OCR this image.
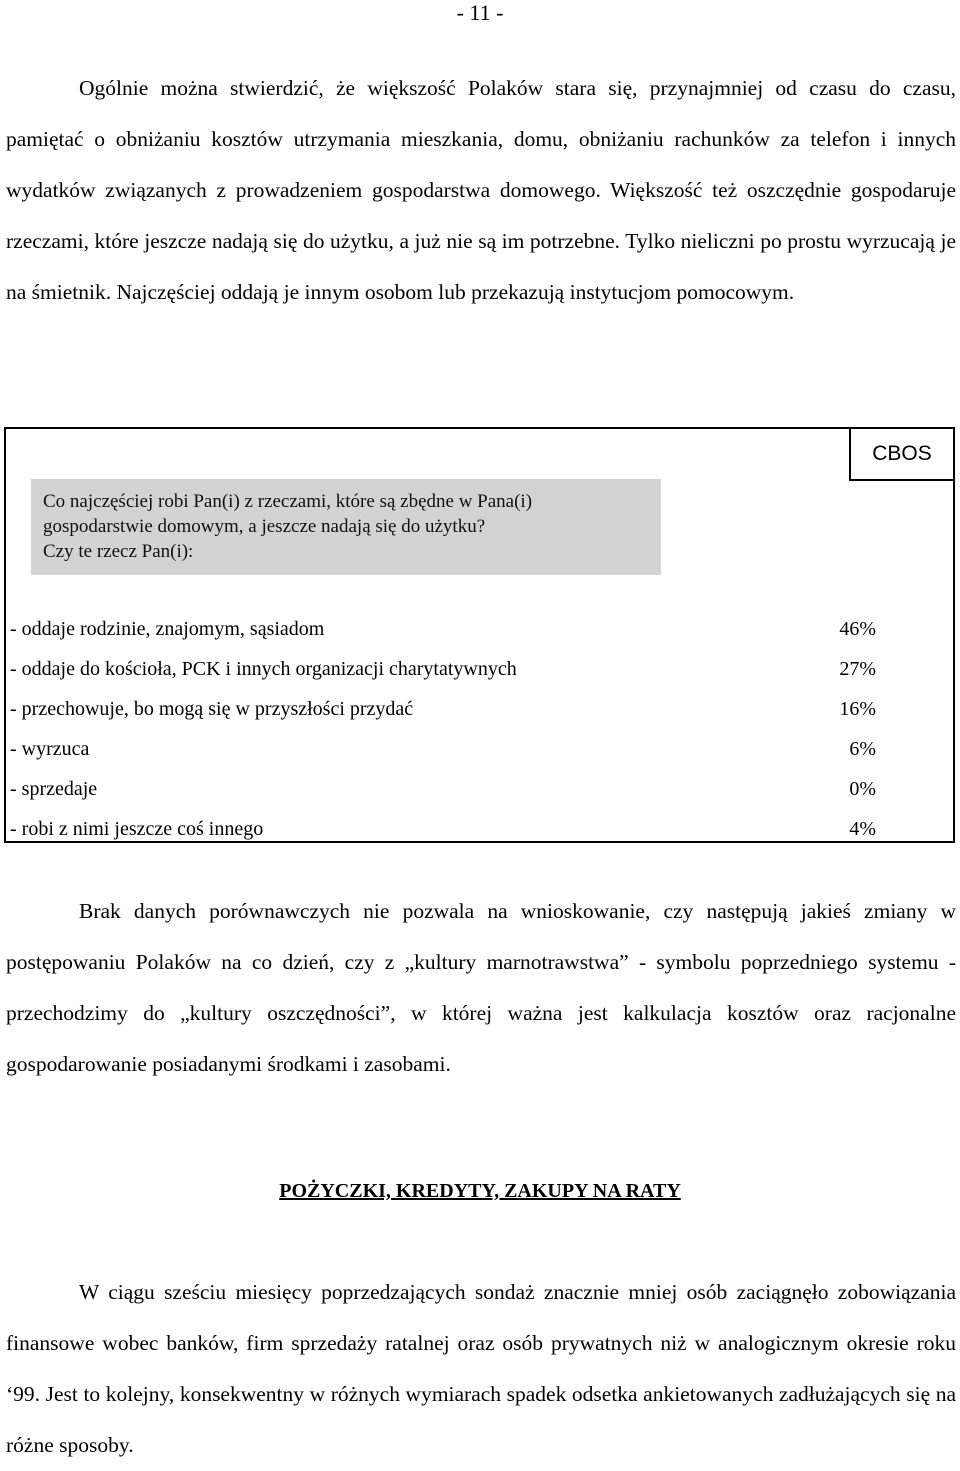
- 11 -

Ogólnie można stwierdzić, że większość Polaków stara się, przynajmniej od czasu do czasu, pamiętać o obniżaniu kosztów utrzymania mieszkania, domu, obniżaniu rachunków za telefon i innych wydatków związanych z prowadzeniem gospodarstwa domowego. Większość też oszczędnie gospodaruje rzeczami, które jeszcze nadają się do użytku, a już nie są im potrzebne. Tylko nieliczni po prostu wyrzucają je na śmietnik. Najczęściej oddają je innym osobom lub przekazują instytucjom pomocowym.

CBOS
Co najczęściej robi Pan(i) z rzeczami, które są zbędne w Pana(i)
gospodarstwie domowym, a jeszcze nadają się do użytku?
Czy te rzecz Pan(i):
- oddaje rodzinie, znajomym, sąsiadom	46%
- oddaje do kościoła, PCK i innych organizacji charytatywnych	27%
- przechowuje, bo mogą się w przyszłości przydać	16%
- wyrzuca	6%
- sprzedaje	0%
- robi z nimi jeszcze coś innego	4%

Brak danych porównawczych nie pozwala na wnioskowanie, czy następują jakieś zmiany w postępowaniu Polaków na co dzień, czy z „kultury marnotrawstwa” - symbolu poprzedniego systemu - przechodzimy do „kultury oszczędności”, w której ważna jest kalkulacja kosztów oraz racjonalne gospodarowanie posiadanymi środkami i zasobami.

POŻYCZKI, KREDYTY, ZAKUPY NA RATY

W ciągu sześciu miesięcy poprzedzających sondaż znacznie mniej osób zaciągnęło zobowiązania finansowe wobec banków, firm sprzedaży ratalnej oraz osób prywatnych niż w analogicznym okresie roku ‘99. Jest to kolejny, konsekwentny w różnych wymiarach spadek odsetka ankietowanych zadłużających się na różne sposoby.
